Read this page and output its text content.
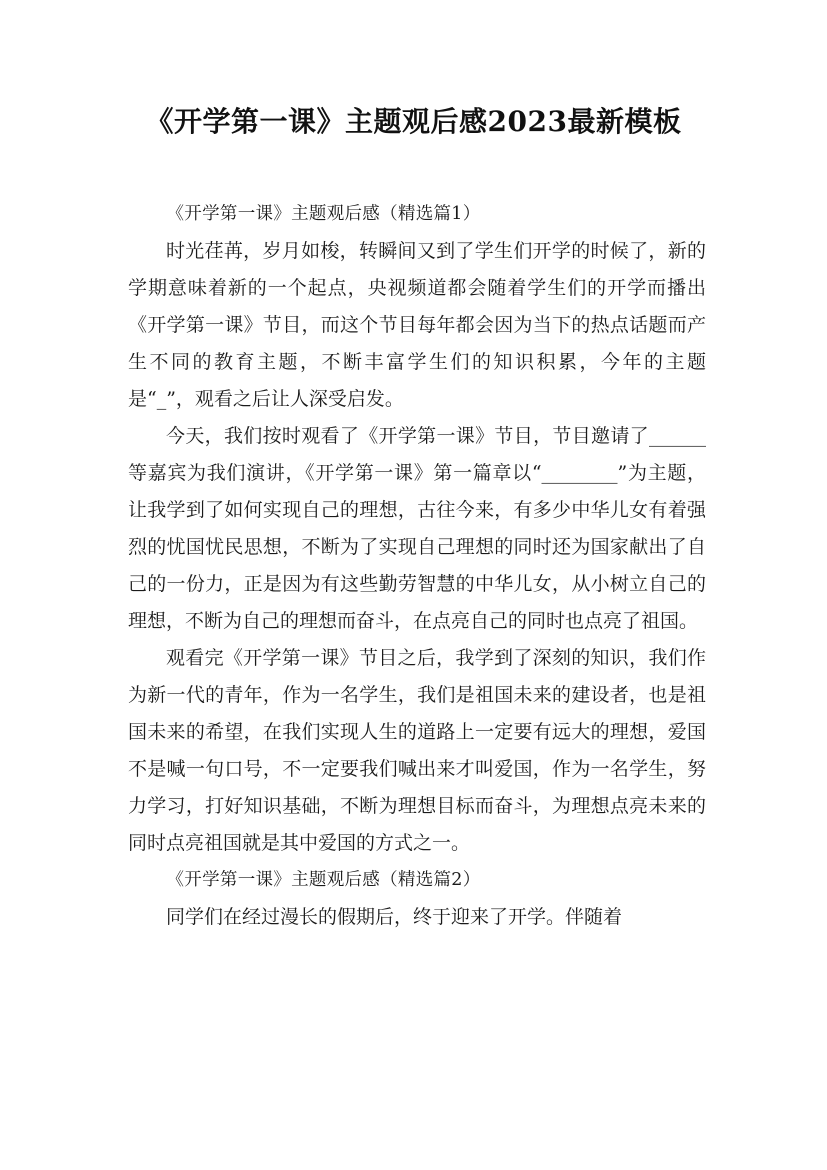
《开学第一课》主题观后感2023最新模板

《开学第一课》主题观后感（精选篇1）

时光荏苒，岁月如梭，转瞬间又到了学生们开学的时候了，新的学期意味着新的一个起点，央视频道都会随着学生们的开学而播出《开学第一课》节目，而这个节目每年都会因为当下的热点话题而产生不同的教育主题，不断丰富学生们的知识积累，今年的主题是“_”，观看之后让人深受启发。

今天，我们按时观看了《开学第一课》节目，节目邀请了______等嘉宾为我们演讲，《开学第一课》第一篇章以“________”为主题，让我学到了如何实现自己的理想，古往今来，有多少中华儿女有着强烈的忧国忧民思想，不断为了实现自己理想的同时还为国家献出了自己的一份力，正是因为有这些勤劳智慧的中华儿女，从小树立自己的理想，不断为自己的理想而奋斗，在点亮自己的同时也点亮了祖国。

观看完《开学第一课》节目之后，我学到了深刻的知识，我们作为新一代的青年，作为一名学生，我们是祖国未来的建设者，也是祖国未来的希望，在我们实现人生的道路上一定要有远大的理想，爱国不是喊一句口号，不一定要我们喊出来才叫爱国，作为一名学生，努力学习，打好知识基础，不断为理想目标而奋斗，为理想点亮未来的同时点亮祖国就是其中爱国的方式之一。

《开学第一课》主题观后感（精选篇2）

同学们在经过漫长的假期后，终于迎来了开学。伴随着
